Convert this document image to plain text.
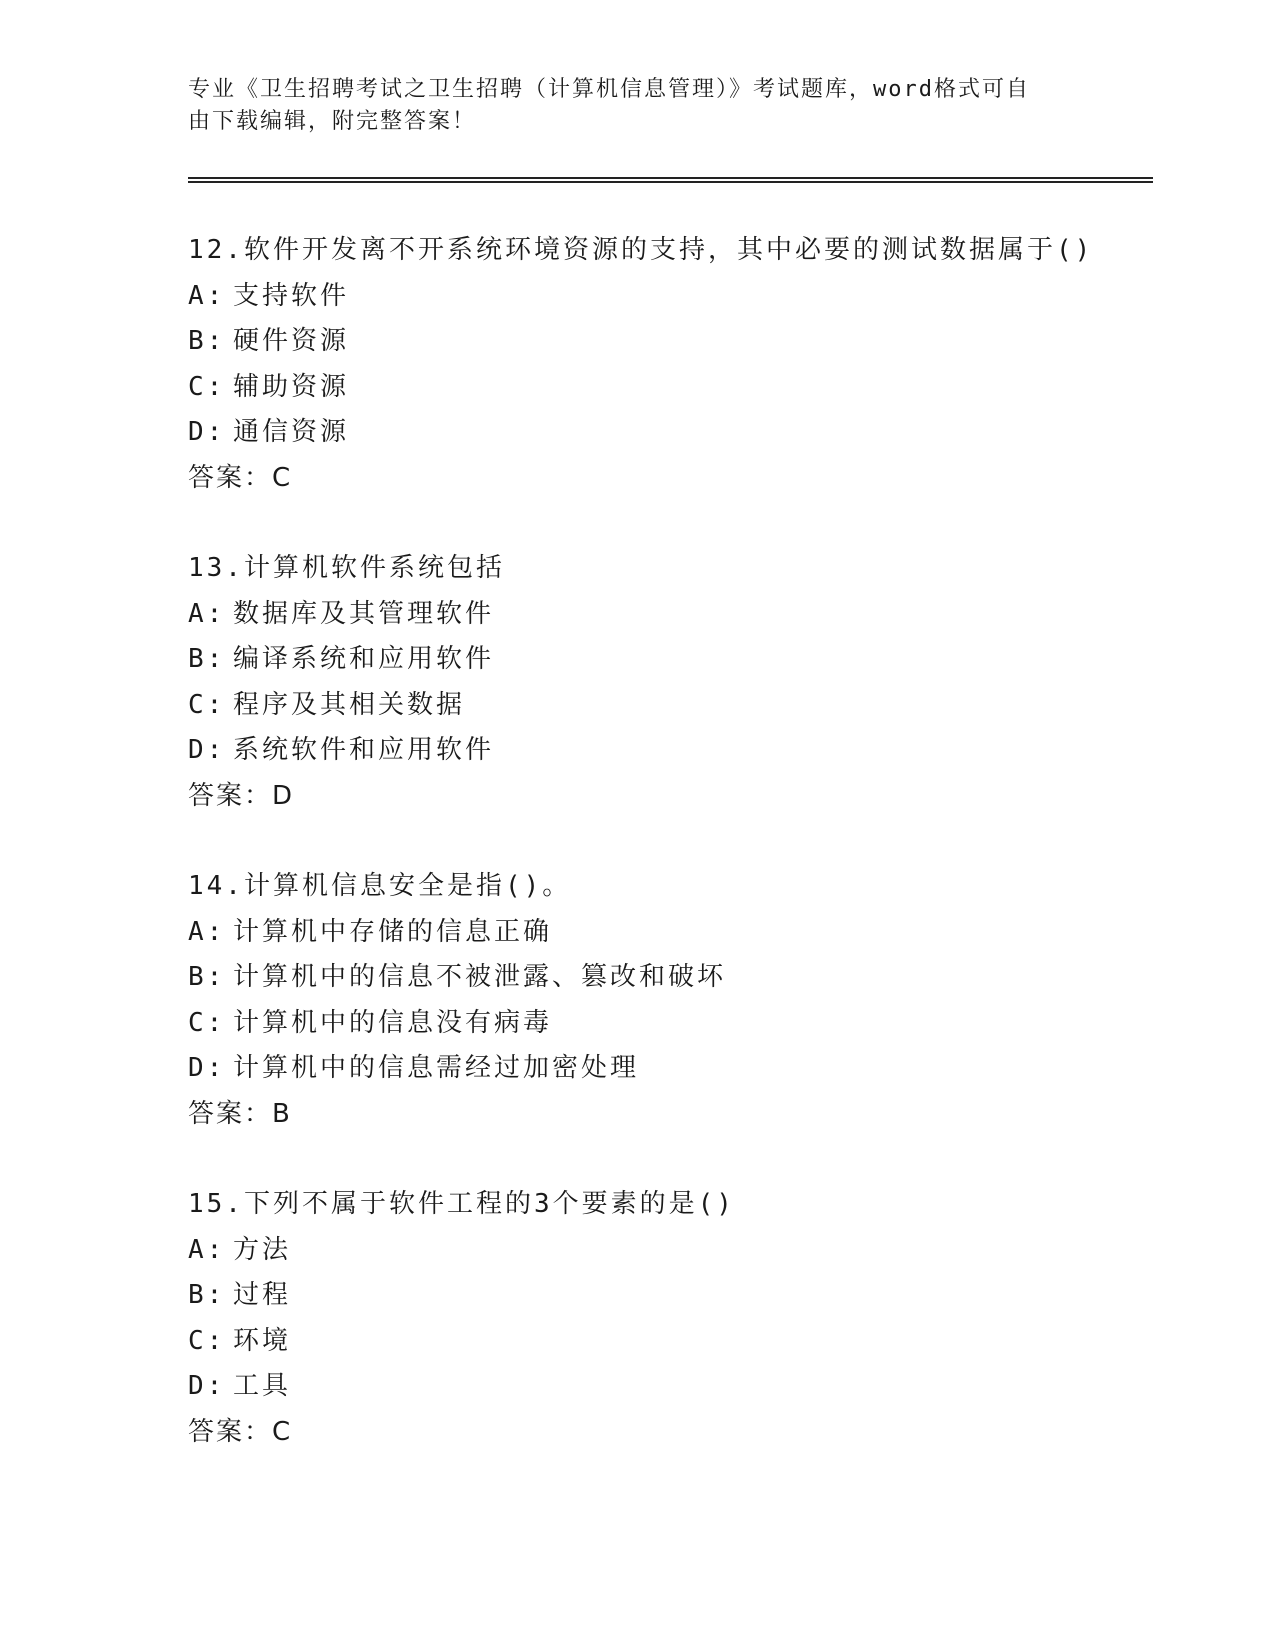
专业《卫生招聘考试之卫生招聘（计算机信息管理）》考试题库，word格式可自
由下载编辑，附完整答案！
12.软件开发离不开系统环境资源的支持，其中必要的测试数据属于()
A: 支持软件
B: 硬件资源
C: 辅助资源
D: 通信资源
答案：C
13.计算机软件系统包括
A: 数据库及其管理软件
B: 编译系统和应用软件
C: 程序及其相关数据
D: 系统软件和应用软件
答案：D
14.计算机信息安全是指()。
A: 计算机中存储的信息正确
B: 计算机中的信息不被泄露、篡改和破坏
C: 计算机中的信息没有病毒
D: 计算机中的信息需经过加密处理
答案：B
15.下列不属于软件工程的3个要素的是()
A: 方法
B: 过程
C: 环境
D: 工具
答案：C
